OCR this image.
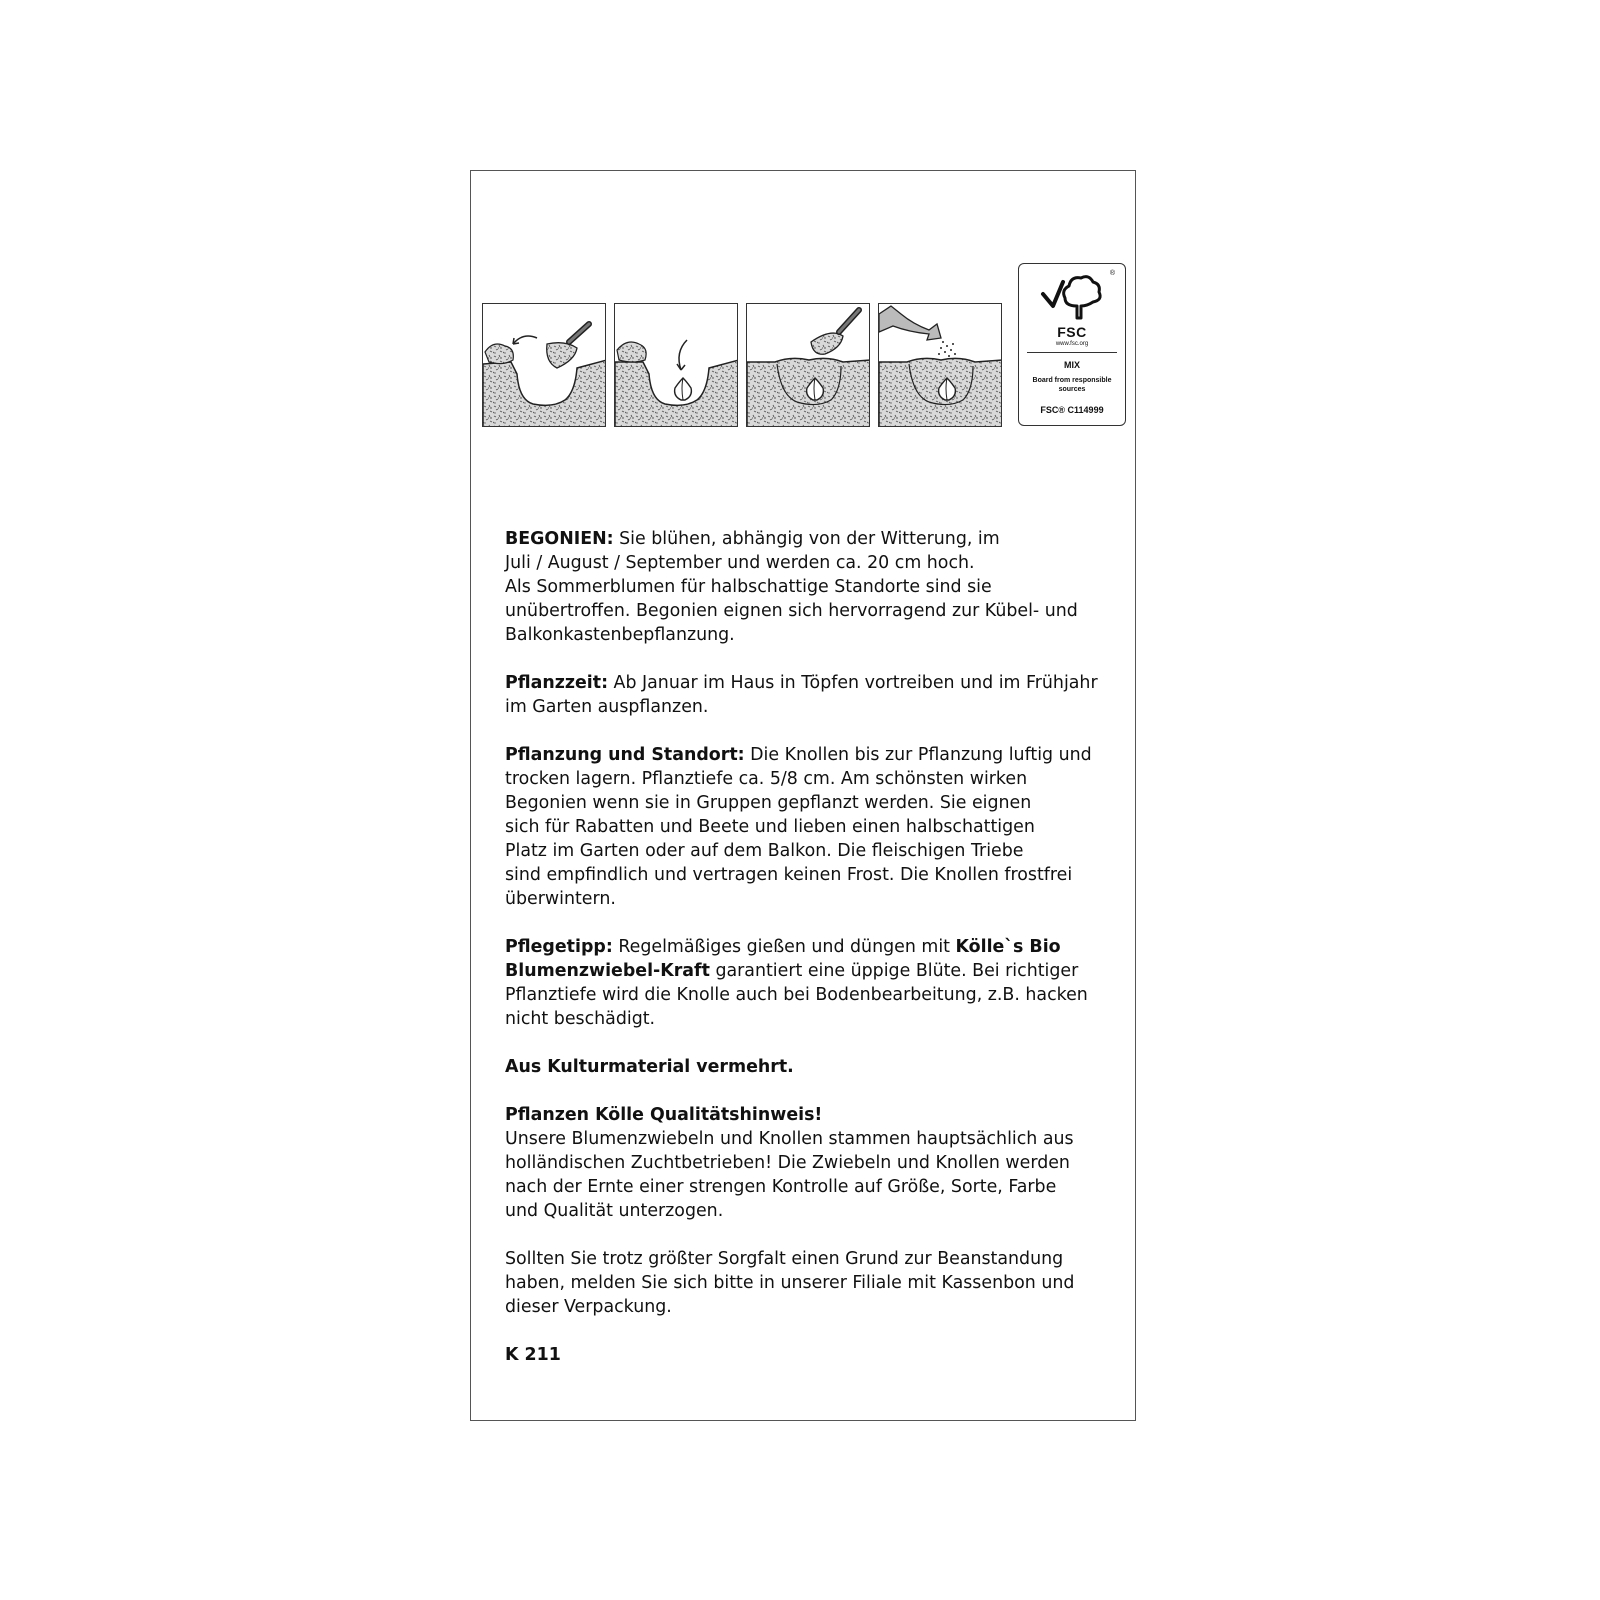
®
FSC
www.fsc.org
MIX
Board from responsible sources
FSC® C114999

BEGONIEN: Sie blühen, abhängig von der Witterung, im
Juli / August / September und werden ca. 20 cm hoch.
Als Sommerblumen für halbschattige Standorte sind sie
unübertroffen. Begonien eignen sich hervorragend zur Kübel- und
Balkonkastenbepflanzung.

Pflanzzeit: Ab Januar im Haus in Töpfen vortreiben und im Frühjahr
im Garten auspflanzen.

Pflanzung und Standort: Die Knollen bis zur Pflanzung luftig und
trocken lagern. Pflanztiefe ca. 5/8 cm. Am schönsten wirken
Begonien wenn sie in Gruppen gepflanzt werden. Sie eignen
sich für Rabatten und Beete und lieben einen halbschattigen
Platz im Garten oder auf dem Balkon. Die fleischigen Triebe
sind empfindlich und vertragen keinen Frost. Die Knollen frostfrei
überwintern.

Pflegetipp: Regelmäßiges gießen und düngen mit Kölle`s Bio
Blumenzwiebel-Kraft garantiert eine üppige Blüte. Bei richtiger
Pflanztiefe wird die Knolle auch bei Bodenbearbeitung, z.B. hacken
nicht beschädigt.

Aus Kulturmaterial vermehrt.

Pflanzen Kölle Qualitätshinweis!
Unsere Blumenzwiebeln und Knollen stammen hauptsächlich aus
holländischen Zuchtbetrieben! Die Zwiebeln und Knollen werden
nach der Ernte einer strengen Kontrolle auf Größe, Sorte, Farbe
und Qualität unterzogen.

Sollten Sie trotz größter Sorgfalt einen Grund zur Beanstandung
haben, melden Sie sich bitte in unserer Filiale mit Kassenbon und
dieser Verpackung.

K 211
